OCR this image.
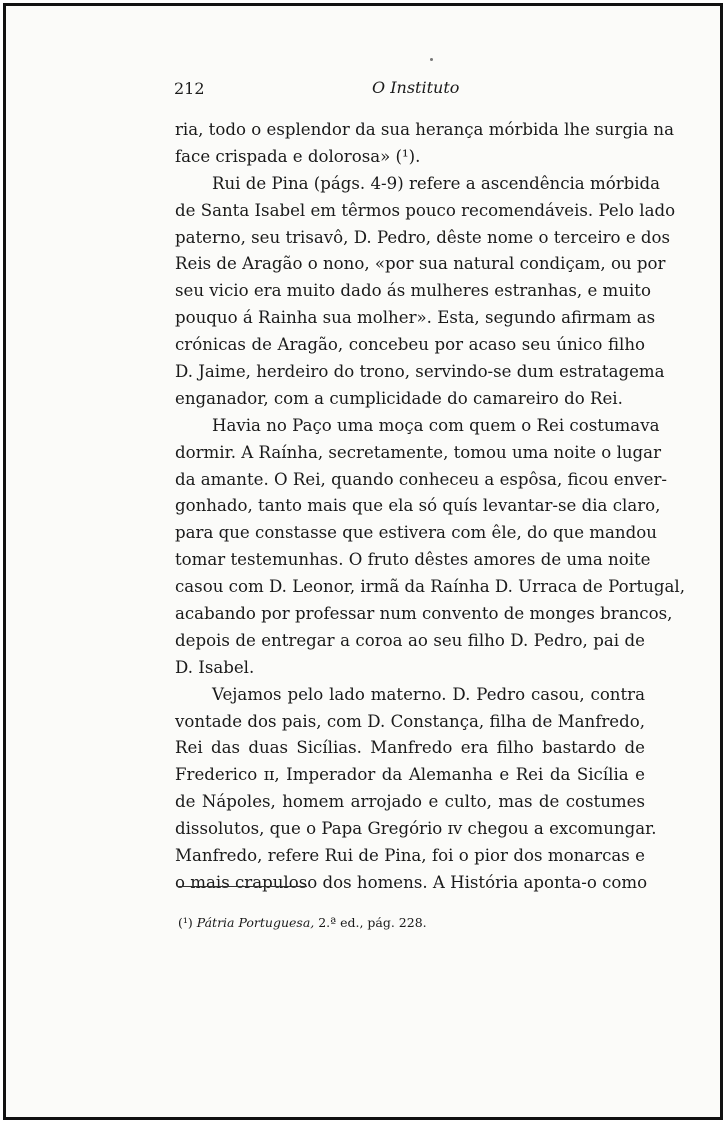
212	O Instituto
ria, todo o esplendor da sua herança mórbida lhe surgia na
face crispada e dolorosa» (¹).
Rui de Pina (págs. 4-9) refere a ascendência mórbida
de Santa Isabel em têrmos pouco recomendáveis. Pelo lado
paterno, seu trisavô, D. Pedro, dêste nome o terceiro e dos
Reis de Aragão o nono, «por sua natural condiçam, ou por
seu vicio era muito dado ás mulheres estranhas, e muito
pouquo á Rainha sua molher». Esta, segundo afirmam as
crónicas de Aragão, concebeu por acaso seu único filho
D. Jaime, herdeiro do trono, servindo-se dum estratagema
enganador, com a cumplicidade do camareiro do Rei.
Havia no Paço uma moça com quem o Rei costumava
dormir. A Raínha, secretamente, tomou uma noite o lugar
da amante. O Rei, quando conheceu a espôsa, ficou enver-
gonhado, tanto mais que ela só quís levantar-se dia claro,
para que constasse que estivera com êle, do que mandou
tomar testemunhas. O fruto dêstes amores de uma noite
casou com D. Leonor, irmã da Raínha D. Urraca de Portugal,
acabando por professar num convento de monges brancos,
depois de entregar a coroa ao seu filho D. Pedro, pai de
D. Isabel.
Vejamos pelo lado materno. D. Pedro casou, contra
vontade dos pais, com D. Constança, filha de Manfredo,
Rei das duas Sicílias. Manfredo era filho bastardo de
Frederico ɪɪ, Imperador da Alemanha e Rei da Sicília e
de Nápoles, homem arrojado e culto, mas de costumes
dissolutos, que o Papa Gregório ɪv chegou a excomungar.
Manfredo, refere Rui de Pina, foi o pior dos monarcas e
o mais crapuloso dos homens. A História aponta-o como
(¹) Pátria Portuguesa, 2.ª ed., pág. 228.
